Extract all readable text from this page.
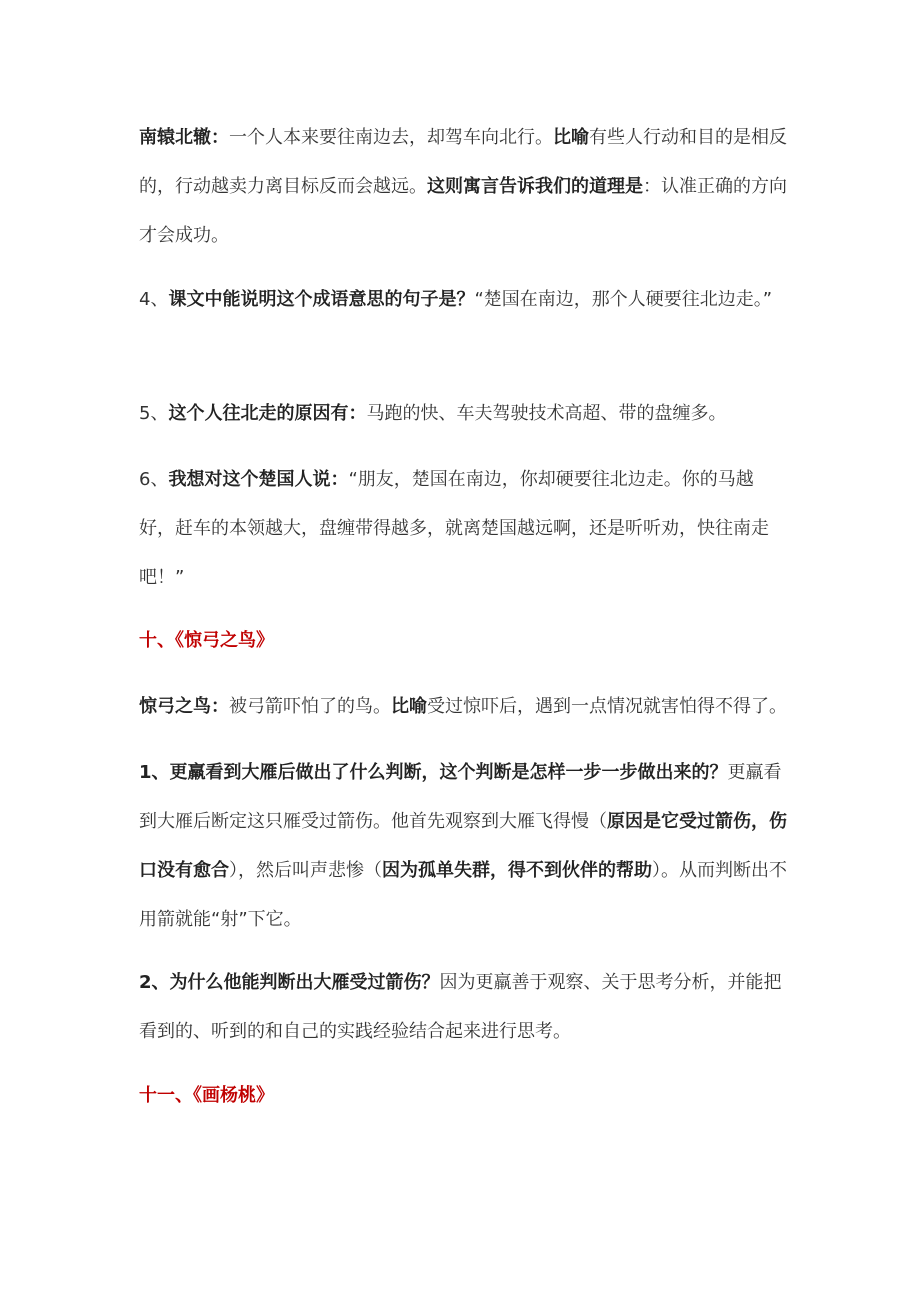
南辕北辙：一个人本来要往南边去，却驾车向北行。比喻有些人行动和目的是相反的，行动越卖力离目标反而会越远。这则寓言告诉我们的道理是：认准正确的方向才会成功。

4、课文中能说明这个成语意思的句子是？“楚国在南边，那个人硬要往北边走。”

5、这个人往北走的原因有：马跑的快、车夫驾驶技术高超、带的盘缠多。

6、我想对这个楚国人说：“朋友，楚国在南边，你却硬要往北边走。你的马越好，赶车的本领越大，盘缠带得越多，就离楚国越远啊，还是听听劝，快往南走吧！”

十、《惊弓之鸟》

惊弓之鸟：被弓箭吓怕了的鸟。比喻受过惊吓后，遇到一点情况就害怕得不得了。

1、更羸看到大雁后做出了什么判断，这个判断是怎样一步一步做出来的？更羸看到大雁后断定这只雁受过箭伤。他首先观察到大雁飞得慢（原因是它受过箭伤，伤口没有愈合），然后叫声悲惨（因为孤单失群，得不到伙伴的帮助）。从而判断出不用箭就能“射”下它。

2、为什么他能判断出大雁受过箭伤？因为更羸善于观察、关于思考分析，并能把看到的、听到的和自己的实践经验结合起来进行思考。

十一、《画杨桃》
